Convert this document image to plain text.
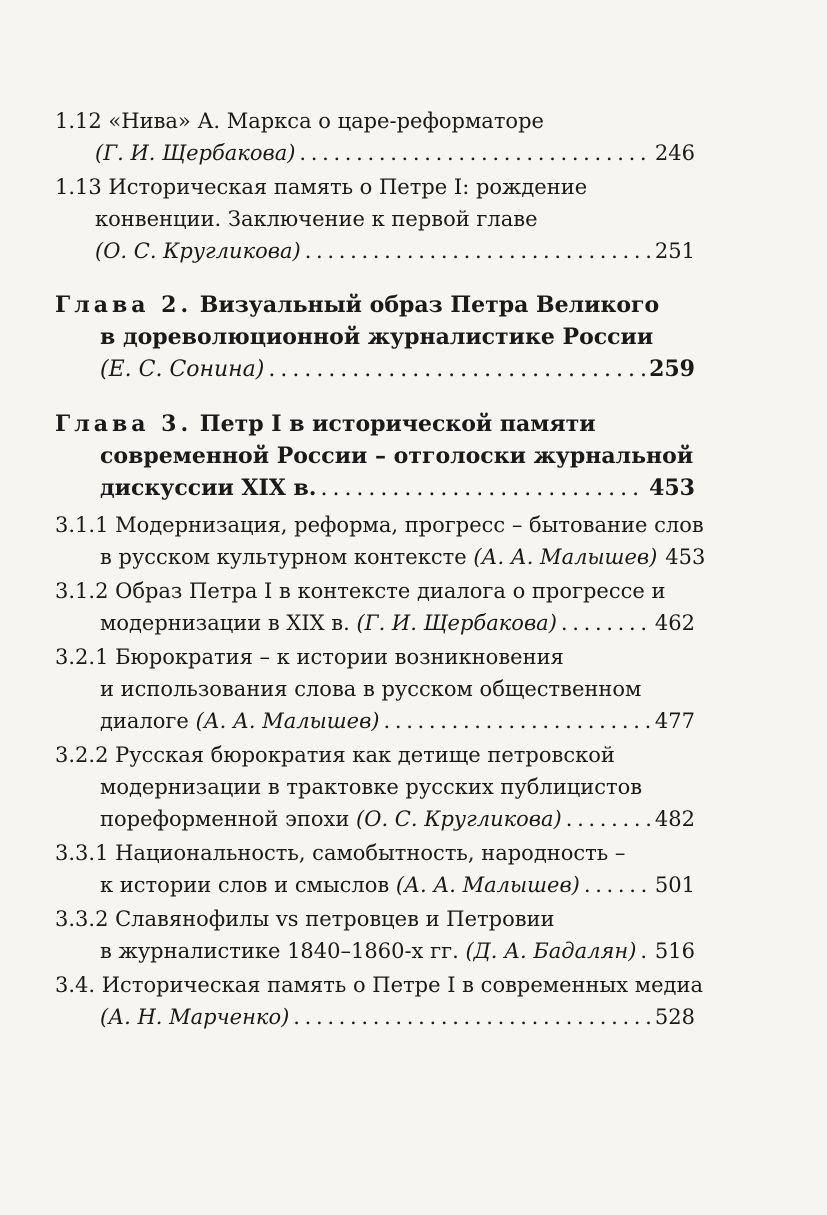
1.12 «Нива» А. Маркса о царе-реформаторе
(Г. И. Щербакова) . . .	246
1.13 Историческая память о Петре I: рождение
конвенции. Заключение к первой главе
(О. С. Кругликова) . . .	251
Глава 2.
Визуальный образ Петра Великого
в дореволюционной журналистике России
(Е. С. Сонина) . . .	259
Глава 3.
Петр I в исторической памяти
современной России – отголоски журнальной
дискуссии XIX в. . . .	453
3.1.1 Модернизация, реформа, прогресс – бытование слов
в русском культурном контексте
(А. А. Малышев) 453
3.1.2 Образ Петра I в контексте диалога о прогрессе и
модернизации в XIX в.
(Г. И. Щербакова) . . .	462
3.2.1 Бюрократия – к истории возникновения
и использования слова в русском общественном
диалоге
(А. А. Малышев) . . .	477
3.2.2 Русская бюрократия как детище петровской
модернизации в трактовке русских публицистов
пореформенной эпохи
(О. С. Кругликова) . . .	482
3.3.1 Национальность, самобытность, народность –
к истории слов и смыслов
(А. А. Малышев) . . .	501
3.3.2 Славянофилы vs петровцев и Петровии
в журналистике 1840–1860-х гг.
(Д. А. Бадалян) . . . 516
3.4. Историческая память о Петре I в современных медиа
(А. Н. Марченко) . . .	528
